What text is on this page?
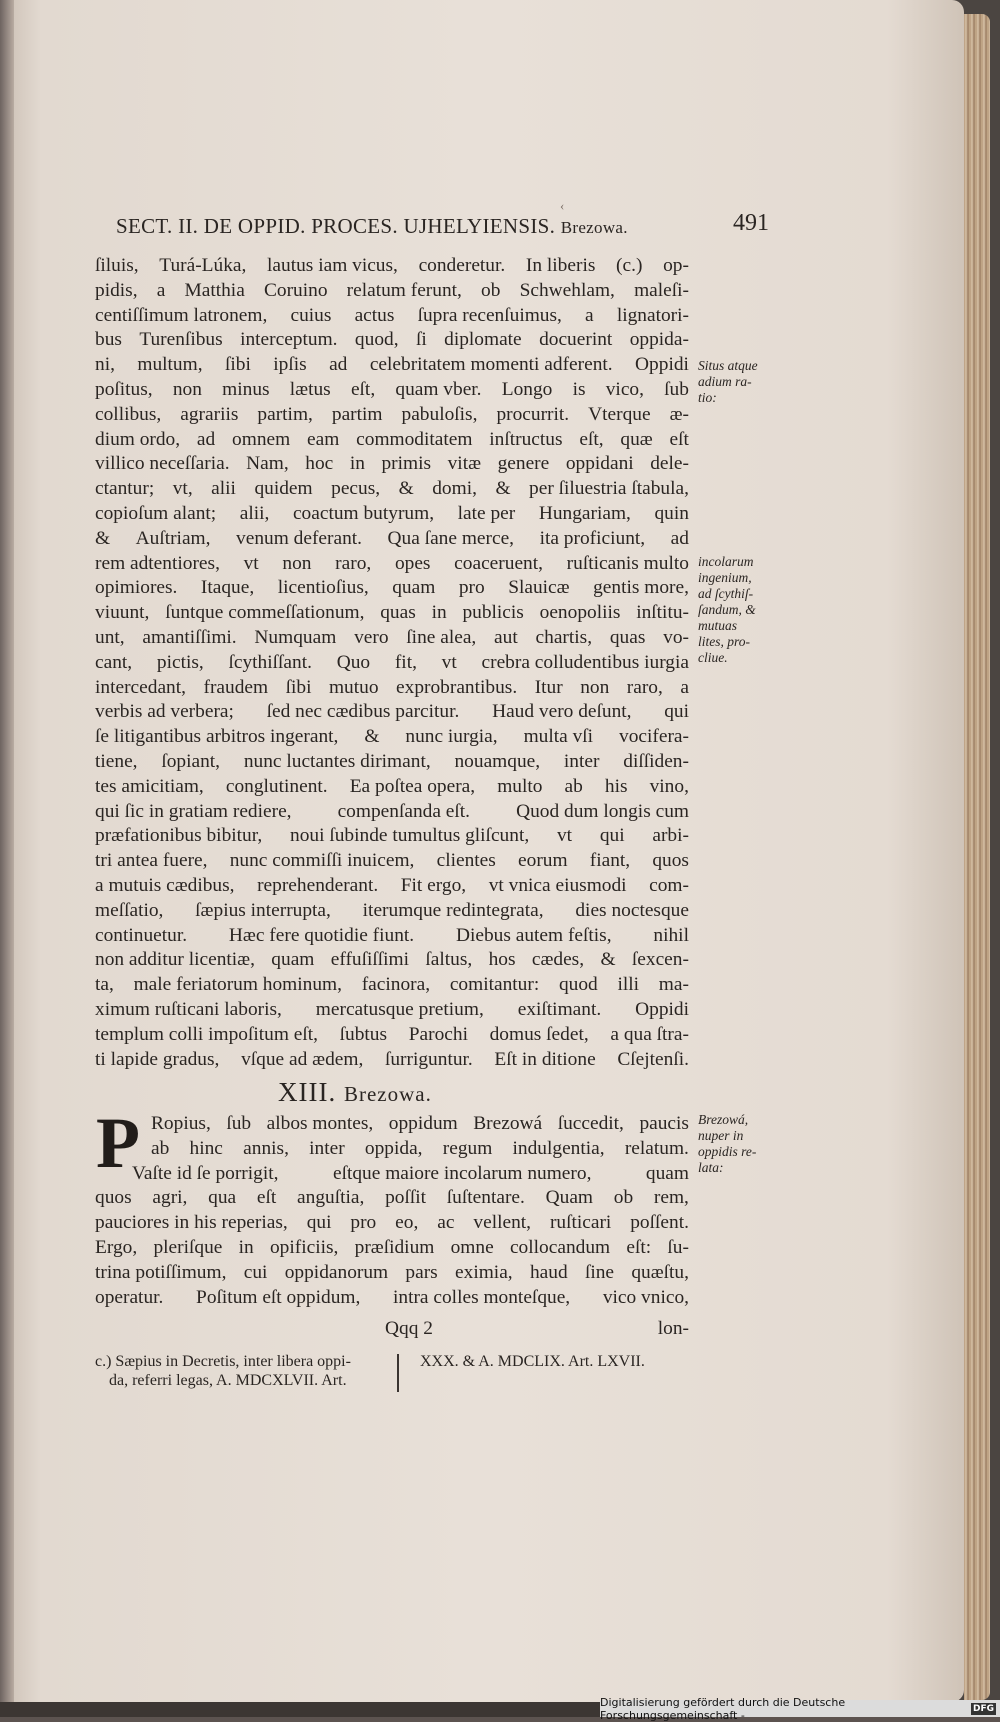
‹
SECT. II. DE OPPID. PROCES. UJHELYIENSIS. Brezowa.	491
ſiluis, Turá-Lúka, lautus iam vicus, conderetur. In liberis (c.) op-
pidis, a Matthia Coruino relatum ferunt, ob Schwehlam, maleſi-
centiſſimum latronem, cuius actus ſupra recenſuimus, a lignatori-
bus Turenſibus interceptum. quod, ſi diplomate docuerint oppida-
ni, multum, ſibi ipſis ad celebritatem momenti adferent. Oppidi
poſitus, non minus lætus eſt, quam vber. Longo is vico, ſub
collibus, agrariis partim, partim pabuloſis, procurrit. Vterque æ-
dium ordo, ad omnem eam commoditatem inſtructus eſt, quæ eſt
villico neceſſaria. Nam, hoc in primis vitæ genere oppidani dele-
ctantur; vt, alii quidem pecus, & domi, & per ſiluestria ſtabula,
copioſum alant; alii, coactum butyrum, late per Hungariam, quin
& Auſtriam, venum deferant. Qua ſane merce, ita proficiunt, ad
rem adtentiores, vt non raro, opes coaceruent, ruſticanis multo
opimiores. Itaque, licentioſius, quam pro Slauicæ gentis more,
viuunt, ſuntque commeſſationum, quas in publicis oenopoliis inſtitu-
unt, amantiſſimi. Numquam vero ſine alea, aut chartis, quas vo-
cant, pictis, ſcythiſſant. Quo fit, vt crebra colludentibus iurgia
intercedant, fraudem ſibi mutuo exprobrantibus. Itur non raro, a
verbis ad verbera; ſed nec cædibus parcitur. Haud vero deſunt, qui
ſe litigantibus arbitros ingerant, & nunc iurgia, multa vſi vocifera-
tiene, ſopiant, nunc luctantes dirimant, nouamque, inter diſſiden-
tes amicitiam, conglutinent. Ea poſtea opera, multo ab his vino,
qui ſic in gratiam rediere, compenſanda eſt. Quod dum longis cum
præfationibus bibitur, noui ſubinde tumultus gliſcunt, vt qui arbi-
tri antea fuere, nunc commiſſi inuicem, clientes eorum fiant, quos
a mutuis cædibus, reprehenderant. Fit ergo, vt vnica eiusmodi com-
meſſatio, ſæpius interrupta, iterumque redintegrata, dies noctesque
continuetur. Hæc fere quotidie fiunt. Diebus autem feſtis, nihil
non additur licentiæ, quam effuſiſſimi ſaltus, hos cædes, & ſexcen-
ta, male feriatorum hominum, facinora, comitantur: quod illi ma-
ximum ruſticani laboris, mercatusque pretium, exiſtimant. Oppidi
templum colli impoſitum eſt, ſubtus Parochi domus ſedet, a qua ſtra-
ti lapide gradus, vſque ad ædem, ſurriguntur. Eſt in ditione Cſejtenſi.
XIII. Brezowa.
P Ropius, ſub albos montes, oppidum Brezowá ſuccedit, paucis
ab hinc annis, inter oppida, regum indulgentia, relatum.
Vaſte id ſe porrigit,	eſtque maiore incolarum numero,	quam
quos agri, qua eſt anguſtia, poſſit ſuſtentare. Quam ob rem,
pauciores in his reperias, qui pro eo, ac vellent, ruſticari poſſent.
Ergo, pleriſque in opificiis, præſidium omne collocandum eſt: ſu-
trina potiſſimum, cui oppidanorum pars eximia, haud ſine quæſtu,
operatur. Poſitum eſt oppidum, intra colles monteſque, vico vnico,
lon-
Qqq 2
c.) Sæpius in Decretis, inter libera oppi-
da, referri legas, A. MDCXLVII. Art.
XXX. & A. MDCLIX. Art. LXVII.
Situs atque
adium ra-
tio:
incolarum
ingenium,
ad ſcythiſ-
ſandum, &
mutuas
lites, pro-
cliue.
Brezowá,
nuper in
oppidis re-
lata:
Digitalisierung gefördert durch die Deutsche Forschungsgemeinschaft -	DFG
